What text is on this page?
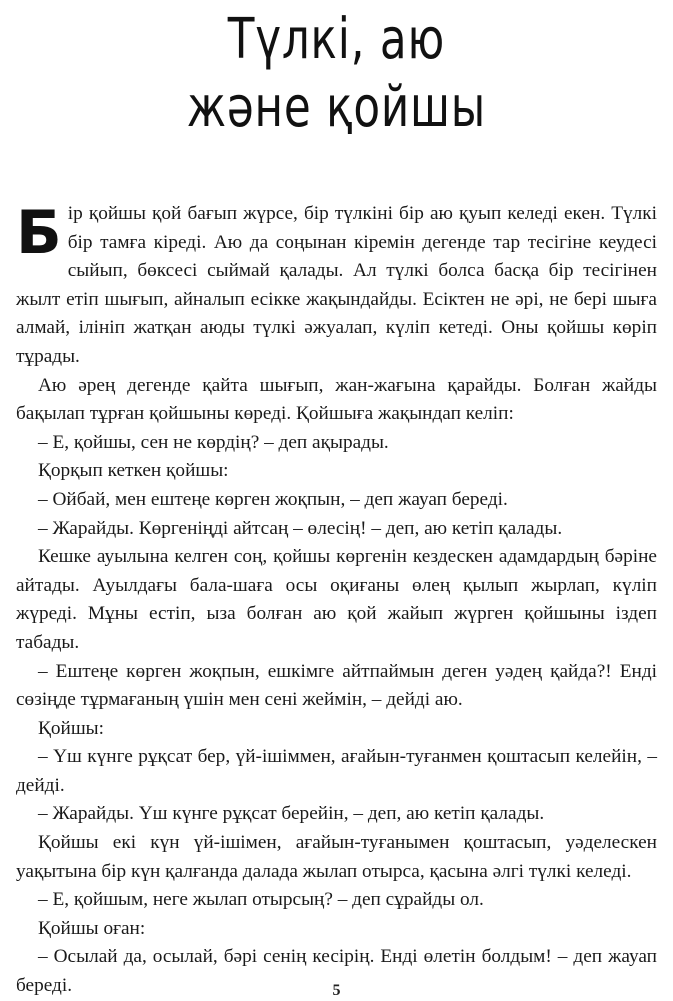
Түлкі, аю
және қойшы

Бір қойшы қой бағып жүрсе, бір түлкіні бір аю қуып келеді екен. Түлкі бір тамға кіреді. Аю да соңынан кіремін дегенде тар тесігіне кеудесі сыйып, бөксесі сыймай қалады. Ал түлкі болса басқа бір тесігінен жылт етіп шығып, айналып есікке жақындайды. Есіктен не әрі, не бері шыға алмай, ілініп жатқан аюды түлкі әжуалап, күліп кетеді. Оны қойшы көріп тұрады.

Аю әрең дегенде қайта шығып, жан-жағына қарайды. Болған жайды бақылап тұрған қойшыны көреді. Қойшыға жақындап келіп:

– Е, қойшы, сен не көрдің? – деп ақырады.

Қорқып кеткен қойшы:

– Ойбай, мен ештеңе көрген жоқпын, – деп жауап береді.

– Жарайды. Көргеніңді айтсаң – өлесің! – деп, аю кетіп қалады.

Кешке ауылына келген соң, қойшы көргенін кездескен адамдардың бәріне айтады. Ауылдағы бала-шаға осы оқиғаны өлең қылып жырлап, күліп жүреді. Мұны естіп, ыза болған аю қой жайып жүрген қойшыны іздеп табады.

– Ештеңе көрген жоқпын, ешкімге айтпаймын деген уәдең қайда?! Енді сөзіңде тұрмағаның үшін мен сені жеймін, – дейді аю.

Қойшы:

– Үш күнге рұқсат бер, үй-ішіммен, ағайын-туғанмен қоштасып келейін, – дейді.

– Жарайды. Үш күнге рұқсат берейін, – деп, аю кетіп қалады.

Қойшы екі күн үй-ішімен, ағайын-туғанымен қоштасып, уәделескен уақытына бір күн қалғанда далада жылап отырса, қасына әлгі түлкі келеді.

– Е, қойшым, неге жылап отырсың? – деп сұрайды ол.

Қойшы оған:

– Осылай да, осылай, бәрі сенің кесірің. Енді өлетін болдым! – деп жауап береді.	5
